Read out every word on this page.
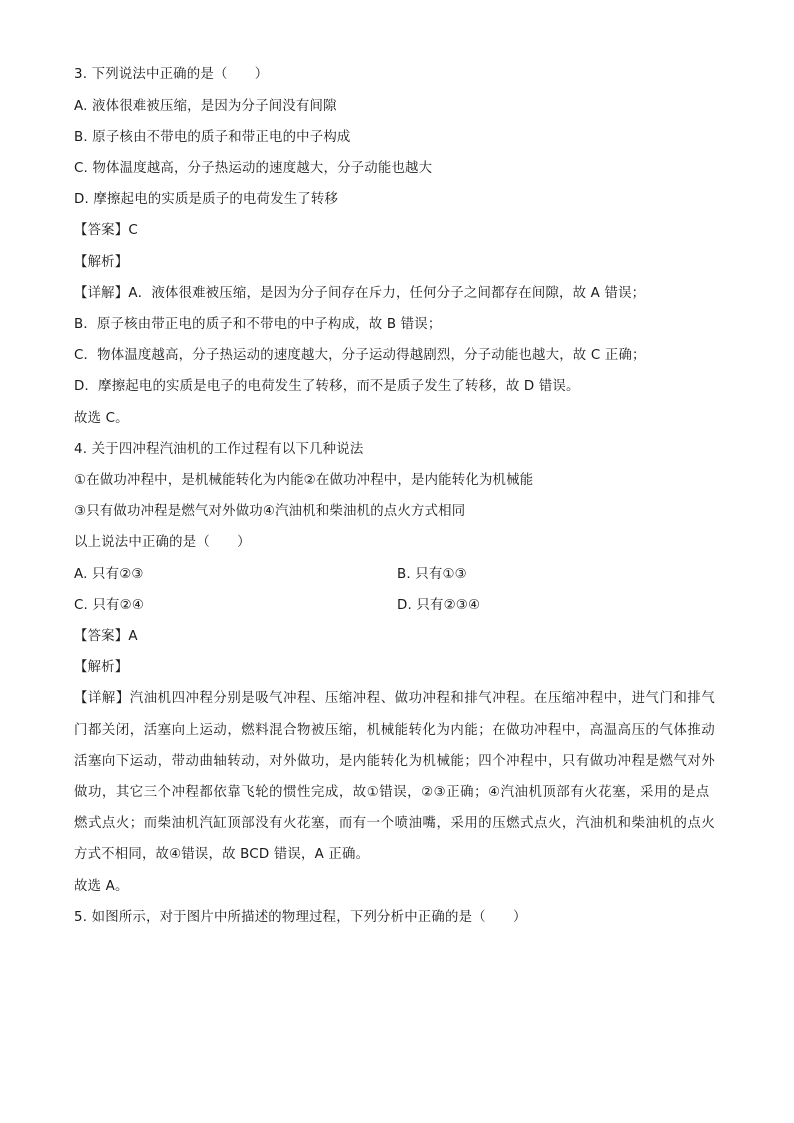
3. 下列说法中正确的是（　　）
A. 液体很难被压缩，是因为分子间没有间隙
B. 原子核由不带电的质子和带正电的中子构成
C. 物体温度越高，分子热运动的速度越大，分子动能也越大
D. 摩擦起电的实质是质子的电荷发生了转移
【答案】C
【解析】
【详解】A．液体很难被压缩，是因为分子间存在斥力，任何分子之间都存在间隙，故 A 错误；
B．原子核由带正电的质子和不带电的中子构成，故 B 错误；
C．物体温度越高，分子热运动的速度越大，分子运动得越剧烈，分子动能也越大，故 C 正确；
D．摩擦起电的实质是电子的电荷发生了转移，而不是质子发生了转移，故 D 错误。
故选 C。
4. 关于四冲程汽油机的工作过程有以下几种说法
①在做功冲程中，是机械能转化为内能②在做功冲程中，是内能转化为机械能
③只有做功冲程是燃气对外做功④汽油机和柴油机的点火方式相同
以上说法中正确的是（　　）
A. 只有②③	B. 只有①③
C. 只有②④	D. 只有②③④
【答案】A
【解析】
【详解】汽油机四冲程分别是吸气冲程、压缩冲程、做功冲程和排气冲程。在压缩冲程中，进气门和排气
门都关闭，活塞向上运动，燃料混合物被压缩，机械能转化为内能；在做功冲程中，高温高压的气体推动
活塞向下运动，带动曲轴转动，对外做功，是内能转化为机械能；四个冲程中，只有做功冲程是燃气对外
做功，其它三个冲程都依靠飞轮的惯性完成，故①错误，②③正确；④汽油机顶部有火花塞，采用的是点
燃式点火；而柴油机汽缸顶部没有火花塞，而有一个喷油嘴，采用的压燃式点火，汽油机和柴油机的点火
方式不相同，故④错误，故 BCD 错误，A 正确。
故选 A。
5. 如图所示，对于图片中所描述的物理过程，下列分析中正确的是（　　）
